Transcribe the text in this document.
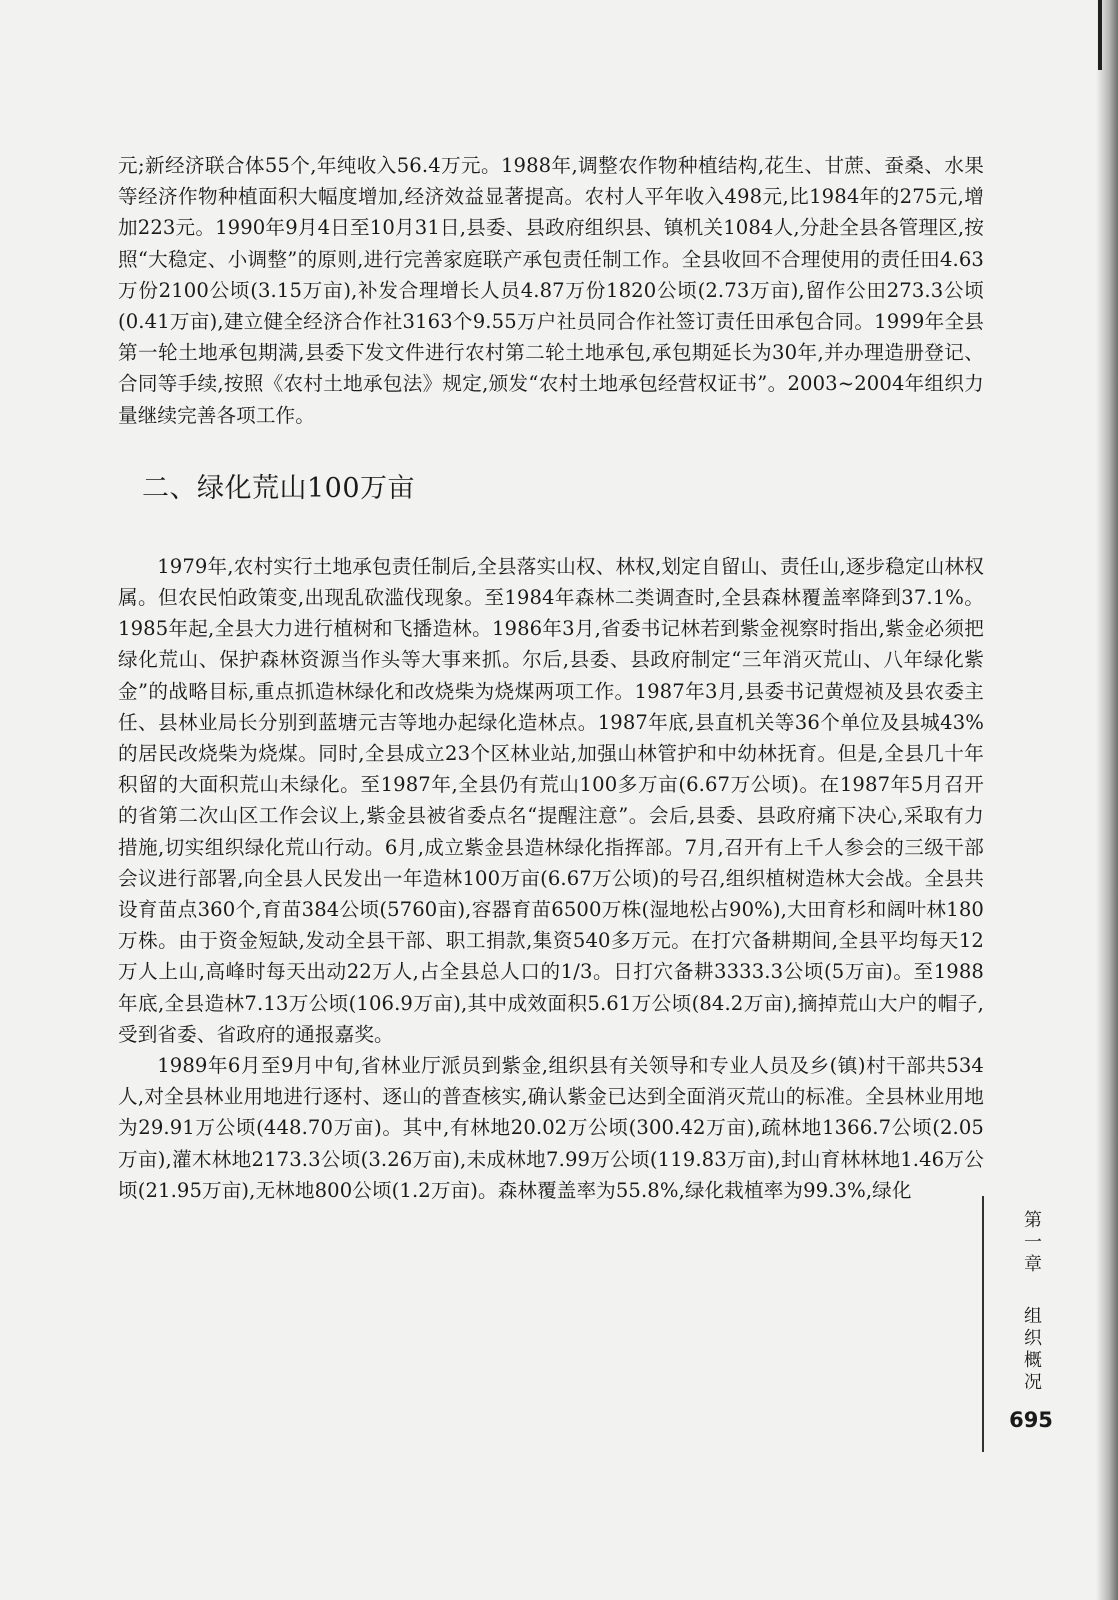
元;新经济联合体55个,年纯收入56.4万元。1988年,调整农作物种植结构,花生、甘蔗、蚕桑、水果等经济作物种植面积大幅度增加,经济效益显著提高。农村人平年收入498元,比1984年的275元,增加223元。1990年9月4日至10月31日,县委、县政府组织县、镇机关1084人,分赴全县各管理区,按照“大稳定、小调整”的原则,进行完善家庭联产承包责任制工作。全县收回不合理使用的责任田4.63万份2100公顷(3.15万亩),补发合理增长人员4.87万份1820公顷(2.73万亩),留作公田273.3公顷(0.41万亩),建立健全经济合作社3163个9.55万户社员同合作社签订责任田承包合同。1999年全县第一轮土地承包期满,县委下发文件进行农村第二轮土地承包,承包期延长为30年,并办理造册登记、合同等手续,按照《农村土地承包法》规定,颁发“农村土地承包经营权证书”。2003~2004年组织力量继续完善各项工作。

二、绿化荒山100万亩

1979年,农村实行土地承包责任制后,全县落实山权、林权,划定自留山、责任山,逐步稳定山林权属。但农民怕政策变,出现乱砍滥伐现象。至1984年森林二类调查时,全县森林覆盖率降到37.1%。1985年起,全县大力进行植树和飞播造林。1986年3月,省委书记林若到紫金视察时指出,紫金必须把绿化荒山、保护森林资源当作头等大事来抓。尔后,县委、县政府制定“三年消灭荒山、八年绿化紫金”的战略目标,重点抓造林绿化和改烧柴为烧煤两项工作。1987年3月,县委书记黄煜祯及县农委主任、县林业局长分别到蓝塘元吉等地办起绿化造林点。1987年底,县直机关等36个单位及县城43%的居民改烧柴为烧煤。同时,全县成立23个区林业站,加强山林管护和中幼林抚育。但是,全县几十年积留的大面积荒山未绿化。至1987年,全县仍有荒山100多万亩(6.67万公顷)。在1987年5月召开的省第二次山区工作会议上,紫金县被省委点名“提醒注意”。会后,县委、县政府痛下决心,采取有力措施,切实组织绿化荒山行动。6月,成立紫金县造林绿化指挥部。7月,召开有上千人参会的三级干部会议进行部署,向全县人民发出一年造林100万亩(6.67万公顷)的号召,组织植树造林大会战。全县共设育苗点360个,育苗384公顷(5760亩),容器育苗6500万株(湿地松占90%),大田育杉和阔叶林180万株。由于资金短缺,发动全县干部、职工捐款,集资540多万元。在打穴备耕期间,全县平均每天12万人上山,高峰时每天出动22万人,占全县总人口的1/3。日打穴备耕3333.3公顷(5万亩)。至1988年底,全县造林7.13万公顷(106.9万亩),其中成效面积5.61万公顷(84.2万亩),摘掉荒山大户的帽子,受到省委、省政府的通报嘉奖。

1989年6月至9月中旬,省林业厅派员到紫金,组织县有关领导和专业人员及乡(镇)村干部共534人,对全县林业用地进行逐村、逐山的普查核实,确认紫金已达到全面消灭荒山的标准。全县林业用地为29.91万公顷(448.70万亩)。其中,有林地20.02万公顷(300.42万亩),疏林地1366.7公顷(2.05万亩),灌木林地2173.3公顷(3.26万亩),未成林地7.99万公顷(119.83万亩),封山育林林地1.46万公顷(21.95万亩),无林地800公顷(1.2万亩)。森林覆盖率为55.8%,绿化栽植率为99.3%,绿化

第一章
组织概况
695
